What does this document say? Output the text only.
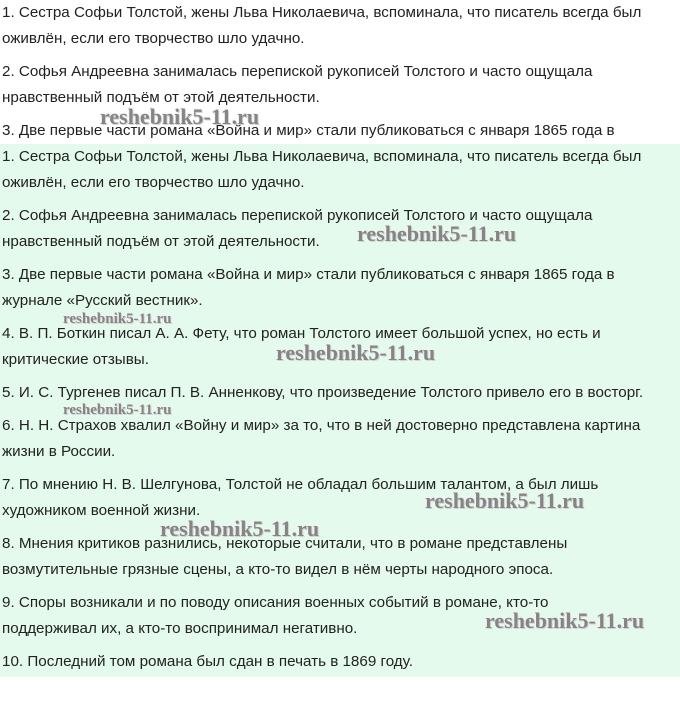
1. Сестра Софьи Толстой, жены Льва Николаевича, вспоминала, что писатель всегда был
оживлён, если его творчество шло удачно.
2. Софья Андреевна занималась перепиской рукописей Толстого и часто ощущала
нравственный подъём от этой деятельности.
3. Две первые части романа «Война и мир» стали публиковаться с января 1865 года в
1. Сестра Софьи Толстой, жены Льва Николаевича, вспоминала, что писатель всегда был
оживлён, если его творчество шло удачно.
2. Софья Андреевна занималась перепиской рукописей Толстого и часто ощущала
нравственный подъём от этой деятельности.
3. Две первые части романа «Война и мир» стали публиковаться с января 1865 года в
журнале «Русский вестник».
4. В. П. Боткин писал А. А. Фету, что роман Толстого имеет большой успех, но есть и
критические отзывы.
5. И. С. Тургенев писал П. В. Анненкову, что произведение Толстого привело его в восторг.
6. Н. Н. Страхов хвалил «Войну и мир» за то, что в ней достоверно представлена картина
жизни в России.
7. По мнению Н. В. Шелгунова, Толстой не обладал большим талантом, а был лишь
художником военной жизни.
8. Мнения критиков разнились, некоторые считали, что в романе представлены
возмутительные грязные сцены, а кто-то видел в нём черты народного эпоса.
9. Споры возникали и по поводу описания военных событий в романе, кто-то
поддерживал их, а кто-то воспринимал негативно.
10. Последний том романа был сдан в печать в 1869 году.
reshebnik5-11.ru
reshebnik5-11.ru
reshebnik5-11.ru
reshebnik5-11.ru
reshebnik5-11.ru
reshebnik5-11.ru
reshebnik5-11.ru
reshebnik5-11.ru
